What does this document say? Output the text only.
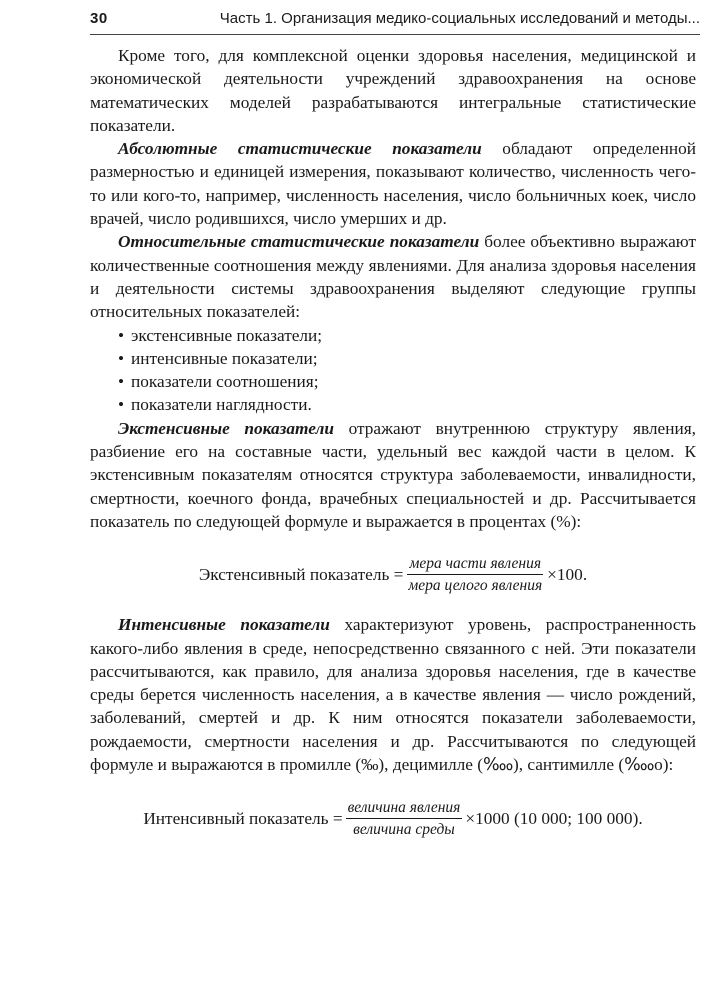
30	Часть 1. Организация медико-социальных исследований и методы...

Кроме того, для комплексной оценки здоровья населения, медицинской и экономической деятельности учреждений здравоохранения на основе математических моделей разрабатываются интегральные статистические показатели.

Абсолютные статистические показатели обладают определенной размерностью и единицей измерения, показывают количество, численность чего-то или кого-то, например, численность населения, число больничных коек, число врачей, число родившихся, число умерших и др.

Относительные статистические показатели более объективно выражают количественные соотношения между явлениями. Для анализа здоровья населения и деятельности системы здравоохранения выделяют следующие группы относительных показателей:

• экстенсивные показатели;
• интенсивные показатели;
• показатели соотношения;
• показатели наглядности.

Экстенсивные показатели отражают внутреннюю структуру явления, разбиение его на составные части, удельный вес каждой части в целом. К экстенсивным показателям относятся структура заболеваемости, инвалидности, смертности, коечного фонда, врачебных специальностей и др. Рассчитывается показатель по следующей формуле и выражается в процентах (%):

Экстенсивный показатель = $\frac{\text{мера части явления}}{\text{мера целого явления}} \times 100$.

Интенсивные показатели характеризуют уровень, распространенность какого-либо явления в среде, непосредственно связанного с ней. Эти показатели рассчитываются, как правило, для анализа здоровья населения, где в качестве среды берется численность населения, а в качестве явления — число рождений, заболеваний, смертей и др. К ним относятся показатели заболеваемости, рождаемости, смертности населения и др. Рассчитываются по следующей формуле и выражаются в промилле (‰), децимилле (‱), сантимилле (‱о):

Интенсивный показатель = $\frac{\text{величина явления}}{\text{величина среды}} \times 1000$ (10 000; 100 000).
